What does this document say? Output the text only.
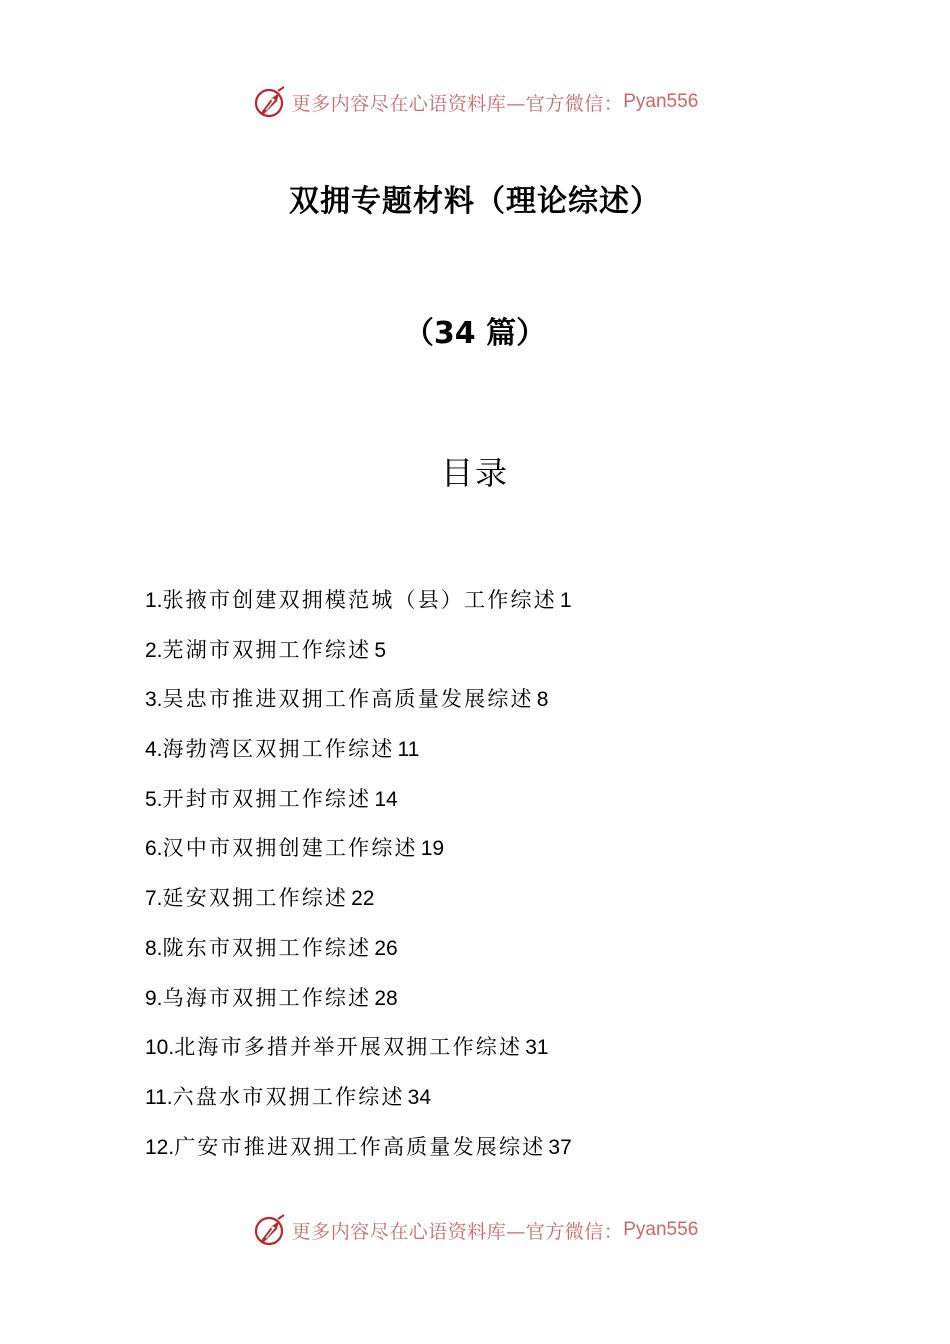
更多内容尽在心语资料库—官方微信： Pyan556
双拥专题材料（理论综述）
（34 篇）
目录
1.张掖市创建双拥模范城（县）工作综述 1
2.芜湖市双拥工作综述 5
3.吴忠市推进双拥工作高质量发展综述 8
4.海勃湾区双拥工作综述 11
5.开封市双拥工作综述 14
6.汉中市双拥创建工作综述 19
7.延安双拥工作综述 22
8.陇东市双拥工作综述 26
9.乌海市双拥工作综述 28
10.北海市多措并举开展双拥工作综述 31
11.六盘水市双拥工作综述 34
12.广安市推进双拥工作高质量发展综述 37
更多内容尽在心语资料库—官方微信： Pyan556
